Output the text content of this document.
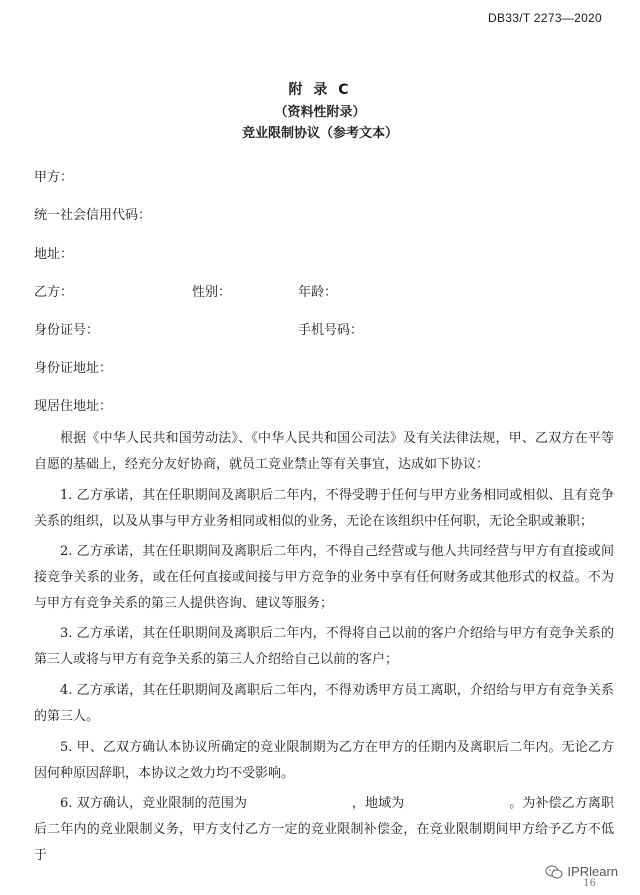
DB33/T 2273—2020
附 录 C
（资料性附录）
竞业限制协议（参考文本）
甲方：
统一社会信用代码：
地址：
乙方：	性别：	年龄：
身份证号：	手机号码：
身份证地址：
现居住地址：
根据《中华人民共和国劳动法》、《中华人民共和国公司法》及有关法律法规，甲、乙双方在平等自愿的基础上，经充分友好协商，就员工竞业禁止等有关事宜，达成如下协议：
1. 乙方承诺，其在任职期间及离职后二年内，不得受聘于任何与甲方业务相同或相似、且有竞争关系的组织，以及从事与甲方业务相同或相似的业务，无论在该组织中任何职，无论全职或兼职；
2. 乙方承诺，其在任职期间及离职后二年内，不得自己经营或与他人共同经营与甲方有直接或间接竞争关系的业务，或在任何直接或间接与甲方竞争的业务中享有任何财务或其他形式的权益。不为与甲方有竞争关系的第三人提供咨询、建议等服务；
3. 乙方承诺，其在任职期间及离职后二年内，不得将自己以前的客户介绍给与甲方有竞争关系的第三人或将与甲方有竞争关系的第三人介绍给自己以前的客户；
4. 乙方承诺，其在任职期间及离职后二年内，不得劝诱甲方员工离职，介绍给与甲方有竞争关系的第三人。
5. 甲、乙双方确认本协议所确定的竞业限制期为乙方在甲方的任期内及离职后二年内。无论乙方因何种原因辞职，本协议之效力均不受影响。
6. 双方确认，竞业限制的范围为　　　　　　　　，地域为　　　　　　　　。为补偿乙方离职后二年内的竞业限制义务，甲方支付乙方一定的竞业限制补偿金，在竞业限制期间甲方给予乙方不低于
IPRlearn
16
